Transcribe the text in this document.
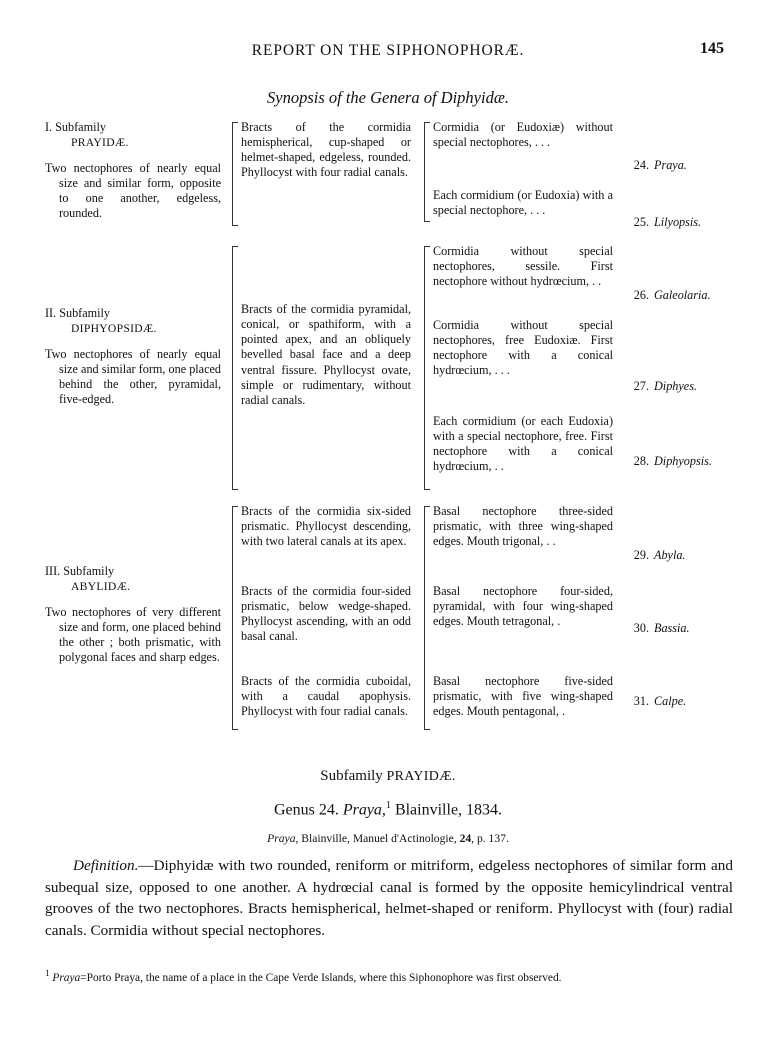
REPORT ON THE SIPHONOPHORÆ.	145
Synopsis of the Genera of Diphyidæ.
I. Subfamily
PRAYIDÆ.
Two nectophores of nearly equal size and similar form, opposite to one another, edgeless, rounded.

Bracts of the cormidia hemispherical, cup-shaped or helmet-shaped, edgeless, rounded. Phyllocyst with four radial canals.

Cormidia (or Eudoxiæ) without special nectophores, . . .

Each cormidium (or Eudoxia) with a special nectophore, . . .

24. Praya.
25. Lilyopsis.
II. Subfamily
DIPHYOPSIDÆ.
Two nectophores of nearly equal size and similar form, one placed behind the other, pyramidal, five-edged.

Bracts of the cormidia pyramidal, conical, or spathiform, with a pointed apex, and an obliquely bevelled basal face and a deep ventral fissure. Phyllocyst ovate, simple or rudimentary, without radial canals.

Cormidia without special nectophores, sessile. First nectophore without hydrœcium, . .

Cormidia without special nectophores, free Eudoxiæ. First nectophore with a conical hydrœcium, . . .

Each cormidium (or each Eudoxia) with a special nectophore, free. First nectophore with a conical hydrœcium, . .

26. Galeolaria.
27. Diphyes.
28. Diphyopsis.
III. Subfamily
ABYLIDÆ.
Two nectophores of very different size and form, one placed behind the other ; both prismatic, with polygonal faces and sharp edges.

Bracts of the cormidia six-sided prismatic. Phyllocyst descending, with two lateral canals at its apex.

Bracts of the cormidia four-sided prismatic, below wedge-shaped. Phyllocyst ascending, with an odd basal canal.

Bracts of the cormidia cuboidal, with a caudal apophysis. Phyllocyst with four radial canals.

Basal nectophore three-sided prismatic, with three wing-shaped edges. Mouth trigonal, . .

Basal nectophore four-sided, pyramidal, with four wing-shaped edges. Mouth tetragonal, .

Basal nectophore five-sided prismatic, with five wing-shaped edges. Mouth pentagonal, .

29. Abyla.
30. Bassia.
31. Calpe.
Subfamily PRAYIDÆ.
Genus 24. Praya,$^1$ Blainville, 1834.
Praya, Blainville, Manuel d'Actinologie, 24, p. 137.

Definition.—Diphyidæ with two rounded, reniform or mitriform, edgeless nectophores of similar form and subequal size, opposed to one another. A hydrœcial canal is formed by the opposite hemicylindrical ventral grooves of the two nectophores. Bracts hemispherical, helmet-shaped or reniform. Phyllocyst with (four) radial canals. Cormidia without special nectophores.

$^1$ Praya=Porto Praya, the name of a place in the Cape Verde Islands, where this Siphonophore was first observed.
